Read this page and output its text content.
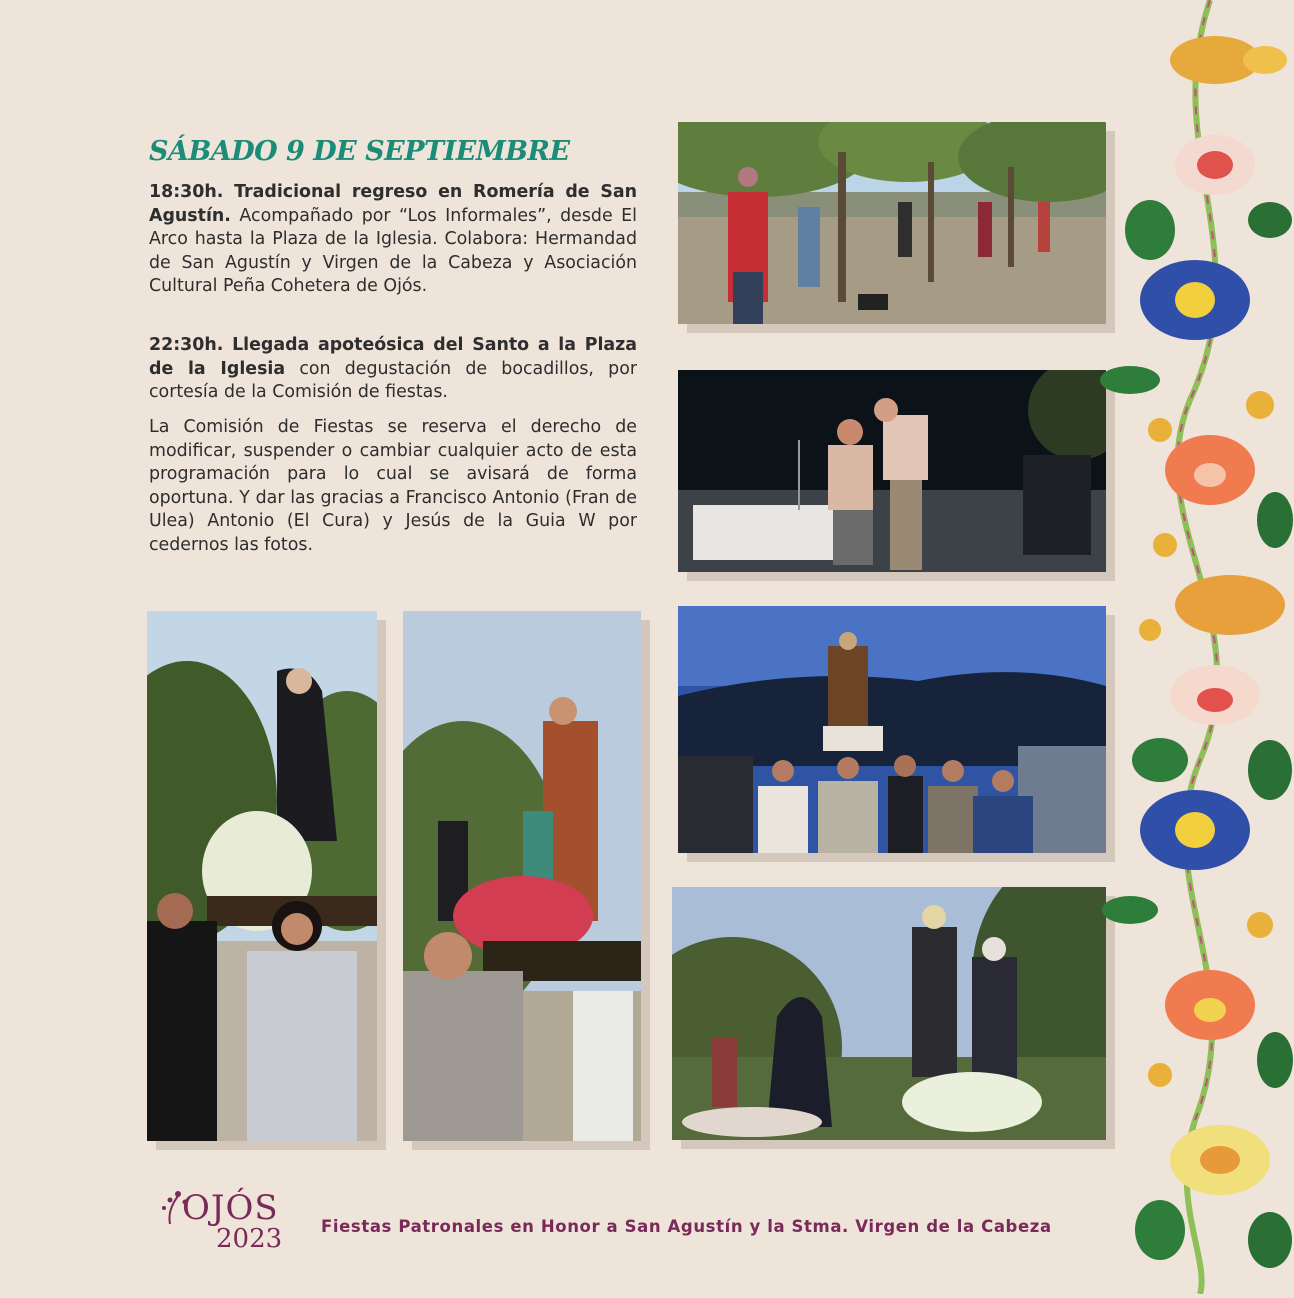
SÁBADO 9 DE SEPTIEMBRE

18:30h. Tradicional regreso en Romería de San Agustín. Acompañado por “Los Informales”, desde El Arco hasta la Plaza de la Iglesia. Colabora: Hermandad de San Agustín y Virgen de la Cabeza y Asociación Cultural Peña Cohetera de Ojós.

22:30h. Llegada apoteósica del Santo a la Plaza de la Iglesia con degustación de bocadillos, por cortesía de la Comisión de fiestas.

La Comisión de Fiestas se reserva el derecho de modificar, suspender o cambiar cualquier acto de esta programación para lo cual se avisará de forma oportuna. Y dar las gracias a Francisco Antonio (Fran de Ulea) Antonio (El Cura) y Jesús de la Guia W por cedernos las fotos.

OJÓS
2023 Fiestas Patronales en Honor a San Agustín y la Stma. Virgen de la Cabeza
